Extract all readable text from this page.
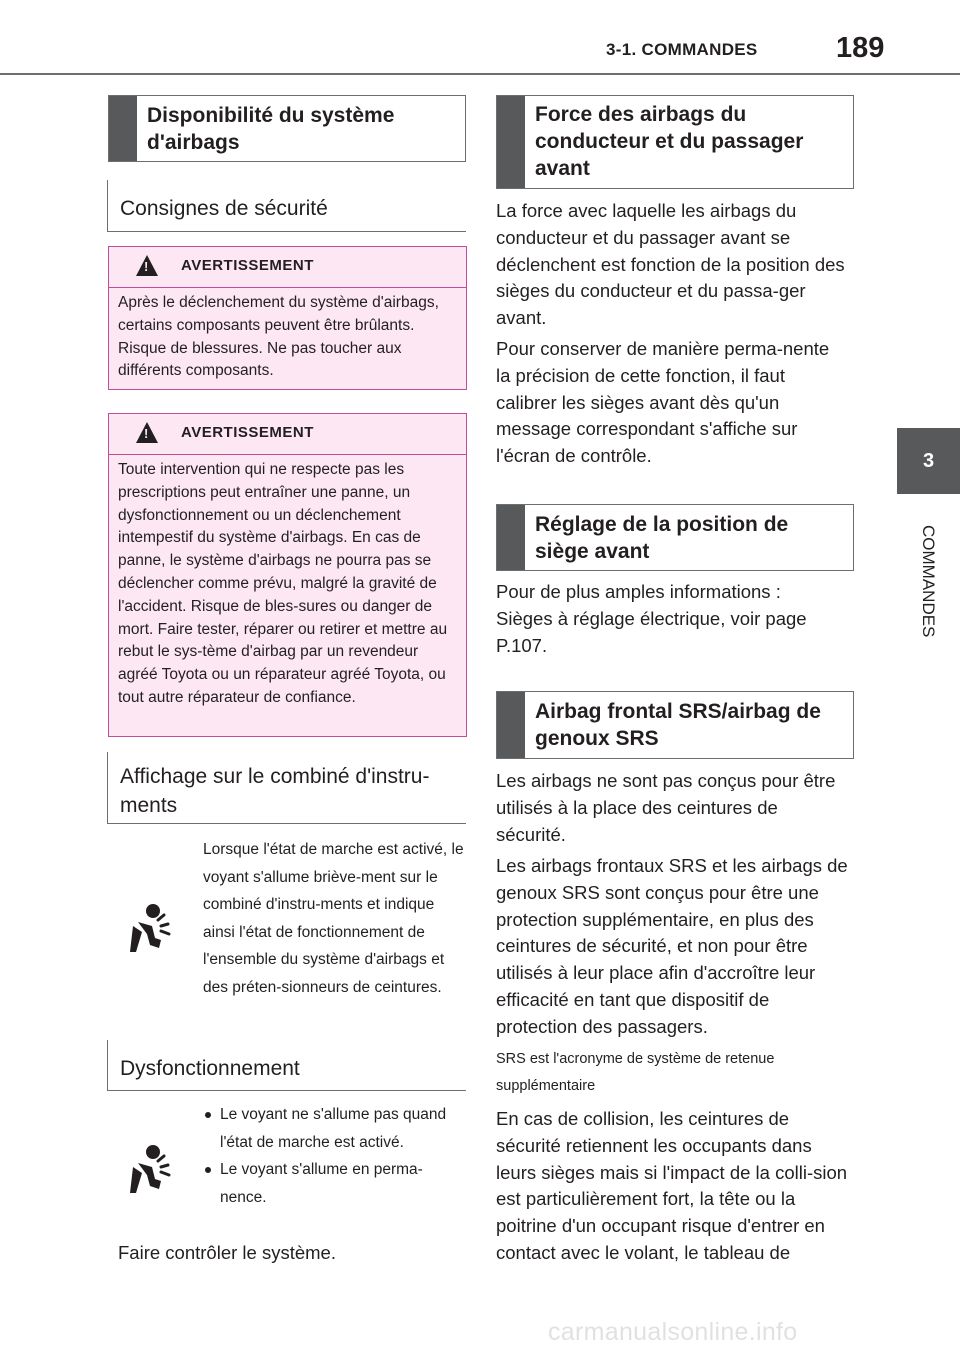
3-1. COMMANDES	189
3
COMMANDES
Disponibilité du système d'airbags
Consignes de sécurité
!
AVERTISSEMENT
Après le déclenchement du système d'airbags, certains composants peuvent être brûlants. Risque de blessures. Ne pas toucher aux différents composants.
!
AVERTISSEMENT
Toute intervention qui ne respecte pas les prescriptions peut entraîner une panne, un dysfonctionnement ou un déclenchement intempestif du système d'airbags. En cas de panne, le système d'airbags ne pourra pas se déclencher comme prévu, malgré la gravité de l'accident. Risque de bles-sures ou danger de mort. Faire tester, réparer ou retirer et mettre au rebut le sys-tème d'airbag par un revendeur agréé Toyota ou un réparateur agréé Toyota, ou tout autre réparateur de confiance.
Affichage sur le combiné d'instru-ments
Lorsque l'état de marche est activé, le voyant s'allume briève-ment sur le combiné d'instru-ments et indique ainsi l'état de fonctionnement de l'ensemble du système d'airbags et des préten-sionneurs de ceintures.
Dysfonctionnement
Le voyant ne s'allume pas quand l'état de marche est activé.
Le voyant s'allume en perma-nence.
Faire contrôler le système.
Force des airbags du conducteur et du passager avant
La force avec laquelle les airbags du conducteur et du passager avant se déclenchent est fonction de la position des sièges du conducteur et du passa-ger avant.
Pour conserver de manière perma-nente la précision de cette fonction, il faut calibrer les sièges avant dès qu'un message correspondant s'affiche sur l'écran de contrôle.
Réglage de la position de siège avant
Pour de plus amples informations : Sièges à réglage électrique, voir page P.107.
Airbag frontal SRS/airbag de genoux SRS
Les airbags ne sont pas conçus pour être utilisés à la place des ceintures de sécurité.
Les airbags frontaux SRS et les airbags de genoux SRS sont conçus pour être une protection supplémentaire, en plus des ceintures de sécurité, et non pour être utilisés à leur place afin d'accroître leur efficacité en tant que dispositif de protection des passagers.
SRS est l'acronyme de système de retenue supplémentaire
En cas de collision, les ceintures de sécurité retiennent les occupants dans leurs sièges mais si l'impact de la colli-sion est particulièrement fort, la tête ou la poitrine d'un occupant risque d'entrer en contact avec le volant, le tableau de
carmanualsonline.info
